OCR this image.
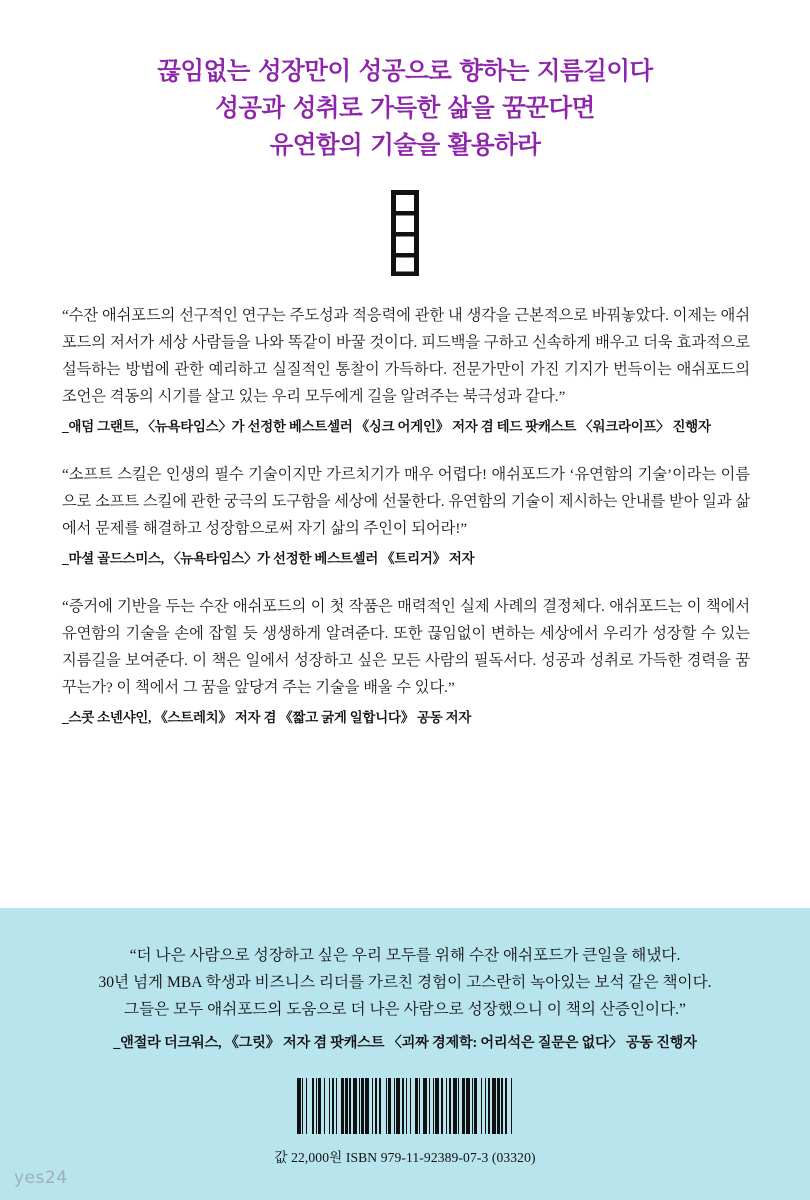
끊임없는 성장만이 성공으로 향하는 지름길이다
성공과 성취로 가득한 삶을 꿈꾼다면
유연함의 기술을 활용하라

“수잔 애쉬포드의 선구적인 연구는 주도성과 적응력에 관한 내 생각을 근본적으로 바꿔놓았다. 이제는 애쉬포드의 저서가 세상 사람들을 나와 똑같이 바꿀 것이다. 피드백을 구하고 신속하게 배우고 더욱 효과적으로 설득하는 방법에 관한 예리하고 실질적인 통찰이 가득하다. 전문가만이 가진 기지가 번득이는 애쉬포드의 조언은 격동의 시기를 살고 있는 우리 모두에게 길을 알려주는 북극성과 같다.”

_애덤 그랜트, 〈뉴욕타임스〉가 선정한 베스트셀러 《싱크 어게인》 저자 겸 테드 팟캐스트 〈워크라이프〉 진행자

“소프트 스킬은 인생의 필수 기술이지만 가르치기가 매우 어렵다! 애쉬포드가 ‘유연함의 기술’이라는 이름으로 소프트 스킬에 관한 궁극의 도구함을 세상에 선물한다. 유연함의 기술이 제시하는 안내를 받아 일과 삶에서 문제를 해결하고 성장함으로써 자기 삶의 주인이 되어라!”

_마셜 골드스미스, 〈뉴욕타임스〉가 선정한 베스트셀러 《트리거》 저자

“증거에 기반을 두는 수잔 애쉬포드의 이 첫 작품은 매력적인 실제 사례의 결정체다. 애쉬포드는 이 책에서 유연함의 기술을 손에 잡힐 듯 생생하게 알려준다. 또한 끊임없이 변하는 세상에서 우리가 성장할 수 있는 지름길을 보여준다. 이 책은 일에서 성장하고 싶은 모든 사람의 필독서다. 성공과 성취로 가득한 경력을 꿈꾸는가? 이 책에서 그 꿈을 앞당겨 주는 기술을 배울 수 있다.”

_스콧 소넨샤인, 《스트레치》 저자 겸 《짧고 굵게 일합니다》 공동 저자

“더 나은 사람으로 성장하고 싶은 우리 모두를 위해 수잔 애쉬포드가 큰일을 해냈다.
30년 넘게 MBA 학생과 비즈니스 리더를 가르친 경험이 고스란히 녹아있는 보석 같은 책이다.
그들은 모두 애쉬포드의 도움으로 더 나은 사람으로 성장했으니 이 책의 산증인이다.”
_앤절라 더크워스, 《그릿》 저자 겸 팟캐스트 〈괴짜 경제학: 어리석은 질문은 없다〉 공동 진행자
값 22,000원 ISBN 979-11-92389-07-3 (03320)
yes24
